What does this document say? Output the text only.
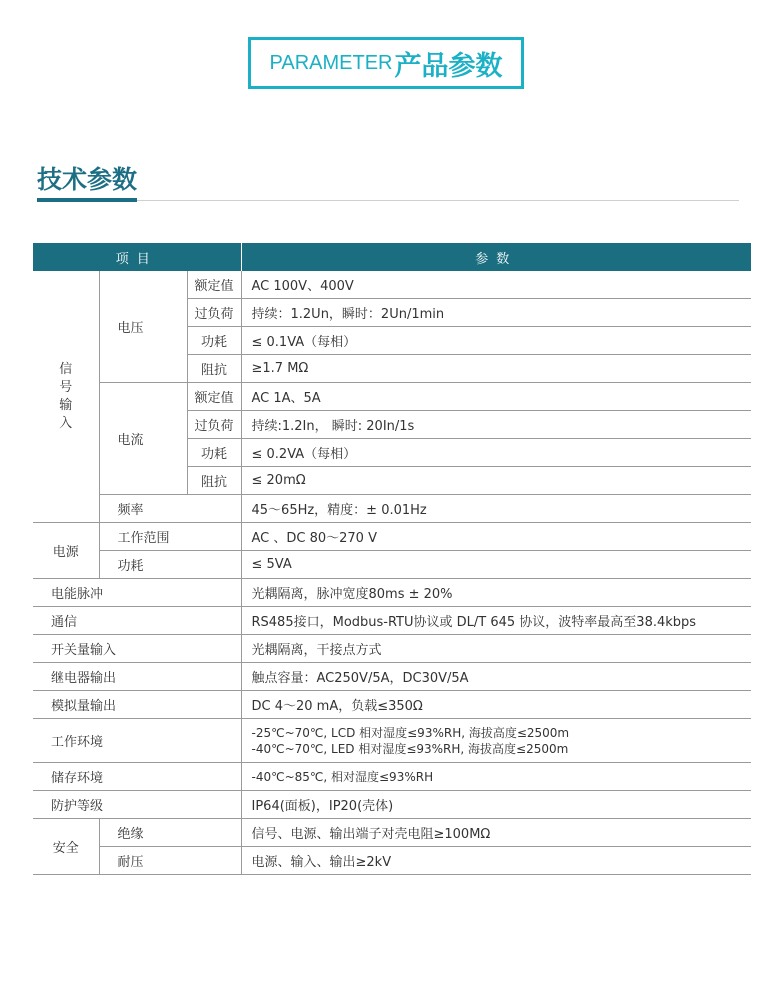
PARAMETER 产品参数
技术参数
项目			参数
信号输入	电压	额定值	AC 100V、400V
		过负荷	持续：1.2Un，瞬时：2Un/1min
		功耗	≤ 0.1VA（每相）
		阻抗	≥1.7 MΩ
	电流	额定值	AC 1A、5A
		过负荷	持续:1.2In， 瞬时: 20In/1s
		功耗	≤ 0.2VA（每相）
		阻抗	≤ 20mΩ
	频率		45～65Hz，精度：± 0.01Hz
电源	工作范围		AC 、DC 80～270 V
	功耗		≤ 5VA
电能脉冲			光耦隔离，脉冲宽度80ms ± 20%
通信			RS485接口，Modbus-RTU协议或 DL/T 645 协议，波特率最高至38.4kbps
开关量输入			光耦隔离，干接点方式
继电器输出			触点容量：AC250V/5A，DC30V/5A
模拟量输出			DC 4～20 mA，负载≤350Ω
工作环境			-25℃~70℃, LCD 相对湿度≤93%RH, 海拔高度≤2500m
-40℃~70℃, LED 相对湿度≤93%RH, 海拔高度≤2500m

储存环境			-40℃~85℃, 相对湿度≤93%RH
防护等级			IP64(面板)，IP20(壳体)
安全	绝缘		信号、电源、输出端子对壳电阻≥100MΩ
	耐压		电源、输入、输出≥2kV
